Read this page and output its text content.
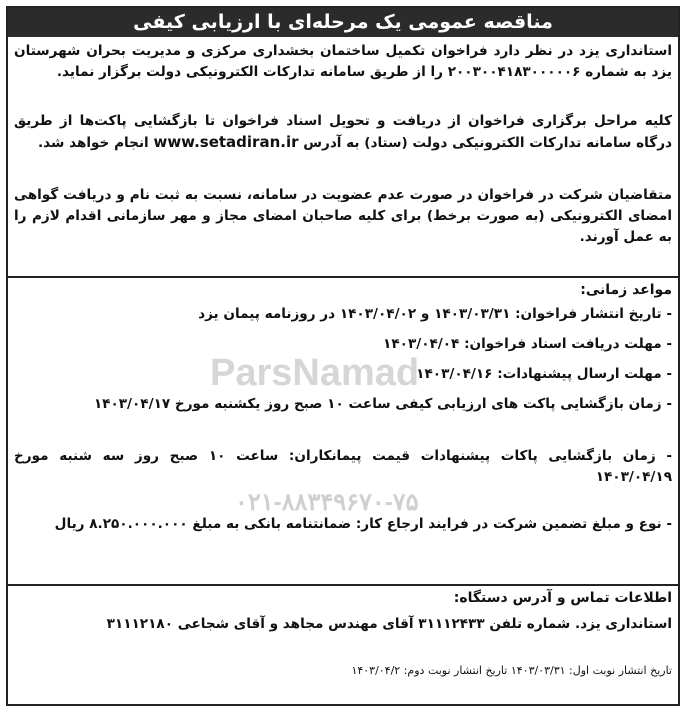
ParsNamad
۰۲۱-۸۸۳۴۹۶۷۰-۷۵
مناقصه عمومی یک مرحله‌ای با ارزیابی کیفی
استانداری یزد در نظر دارد فراخوان تکمیل ساختمان بخشداری مرکزی و مدیریت بحران شهرستان یزد به شماره ۲۰۰۳۰۰۴۱۸۳۰۰۰۰۰۶ را از طریق سامانه تدارکات الکترونیکی دولت برگزار نماید.
کلیه مراحل برگزاری فراخوان از دریافت و تحویل اسناد فراخوان تا بازگشایی پاکت‌ها از طریق درگاه سامانه تدارکات الکترونیکی دولت (ستاد) به آدرس www.setadiran.ir انجام خواهد شد.
متقاضیان شرکت در فراخوان در صورت عدم عضویت در سامانه، نسبت به ثبت نام و دریافت گواهی امضای الکترونیکی (به صورت برخط) برای کلیه صاحبان امضای مجاز و مهر سازمانی اقدام لازم را به عمل آورند.
مواعد زمانی:
- تاریخ انتشار فراخوان: ۱۴۰۳/۰۳/۳۱ و ۱۴۰۳/۰۴/۰۲ در روزنامه پیمان یزد
- مهلت دریافت اسناد فراخوان: ۱۴۰۳/۰۴/۰۴
- مهلت ارسال پیشنهادات: ۱۴۰۳/۰۴/۱۶
- زمان بازگشایی پاکت های ارزیابی کیفی ساعت ۱۰ صبح روز یکشنبه مورخ ۱۴۰۳/۰۴/۱۷
- زمان بازگشایی پاکات پیشنهادات قیمت پیمانکاران: ساعت ۱۰ صبح روز سه شنبه مورخ ۱۴۰۳/۰۴/۱۹
- نوع و مبلغ تضمین شرکت در فرایند ارجاع کار: ضمانتنامه بانکی به مبلغ ۸.۲۵۰.۰۰۰.۰۰۰ ریال
اطلاعات تماس و آدرس دستگاه:
استانداری یزد. شماره تلفن ۳۱۱۱۲۴۳۳ آقای مهندس مجاهد و آقای شجاعی ۳۱۱۱۲۱۸۰
تاریخ انتشار نوبت اول: ۱۴۰۳/۰۳/۳۱ تاریخ انتشار نوبت دوم: ۱۴۰۳/۰۴/۲
